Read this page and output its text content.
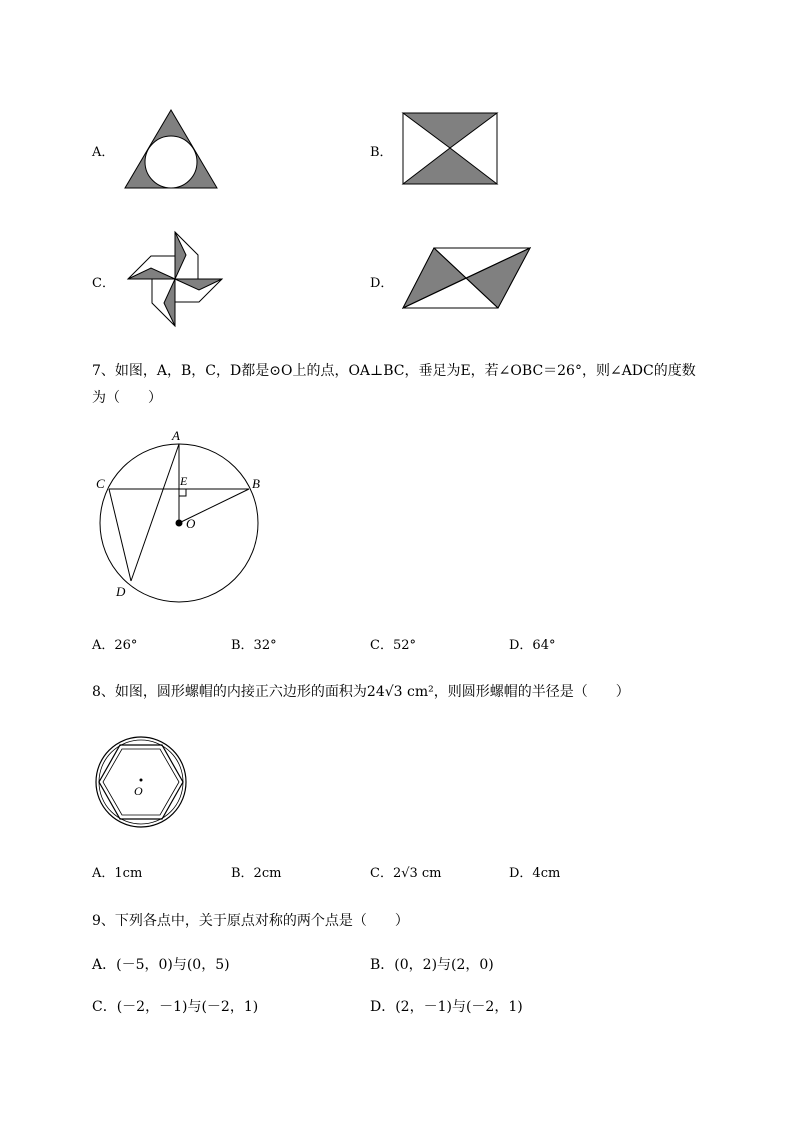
A．	B．
C．	D．
7、如图，A，B，C，D都是⊙O上的点，OA⊥BC，垂足为E，若∠OBC＝26°，则∠ADC的度数
为（　　）
A
B
C
D
E
O
A．26°	B．32°	C．52°	D．64°
8、如图，圆形螺帽的内接正六边形的面积为24√3 cm²，则圆形螺帽的半径是（　　）
O
A．1cm	B．2cm	C．2√3 cm	D．4cm
9、下列各点中，关于原点对称的两个点是（　　）
A．(－5，0)与(0，5)	B．(0，2)与(2，0)
C．(－2，－1)与(－2，1)	D．(2，－1)与(－2，1)
